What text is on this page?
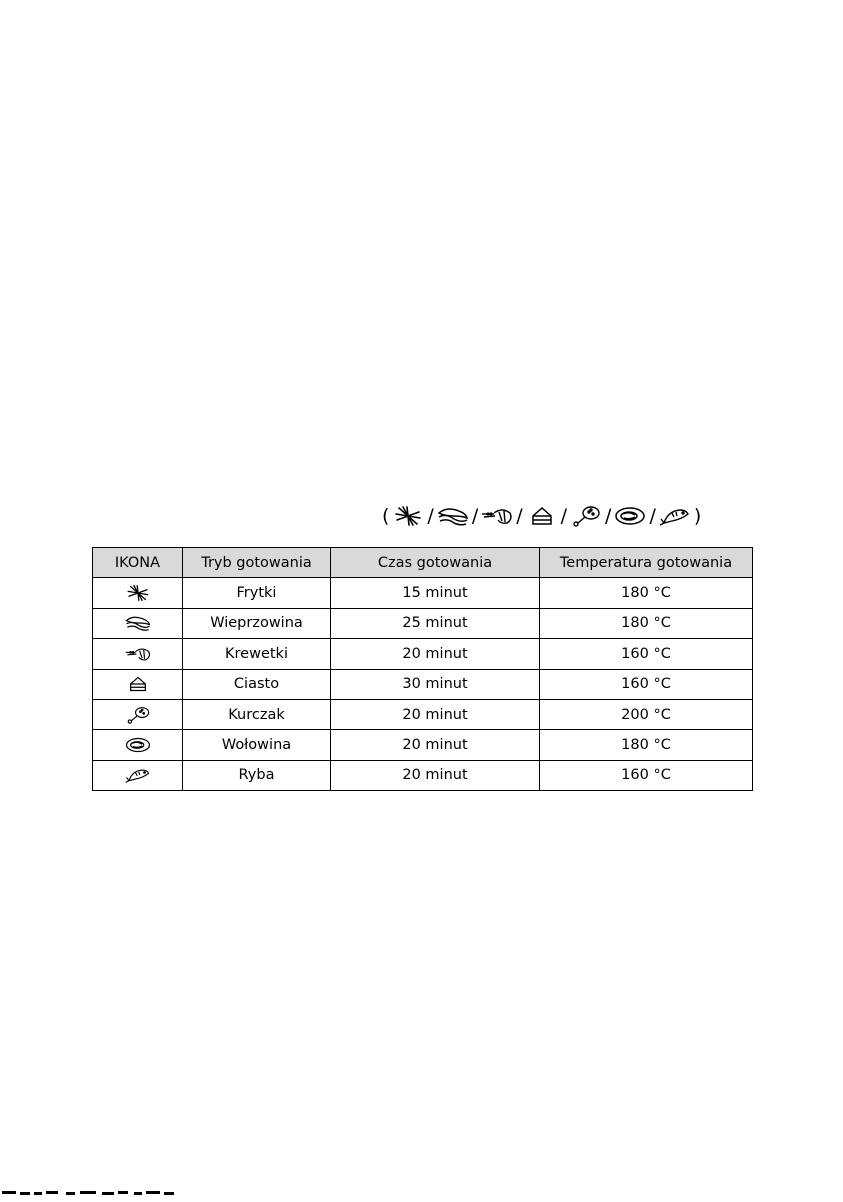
( / / / / / / )
IKONA	Tryb gotowania	Czas gotowania	Temperatura gotowania

	Frytki	15 minut	180 °C

	Wieprzowina	25 minut	180 °C

	Krewetki	20 minut	160 °C

	Ciasto	30 minut	160 °C

	Kurczak	20 minut	200 °C

	Wołowina	20 minut	180 °C

	Ryba	20 minut	160 °C
